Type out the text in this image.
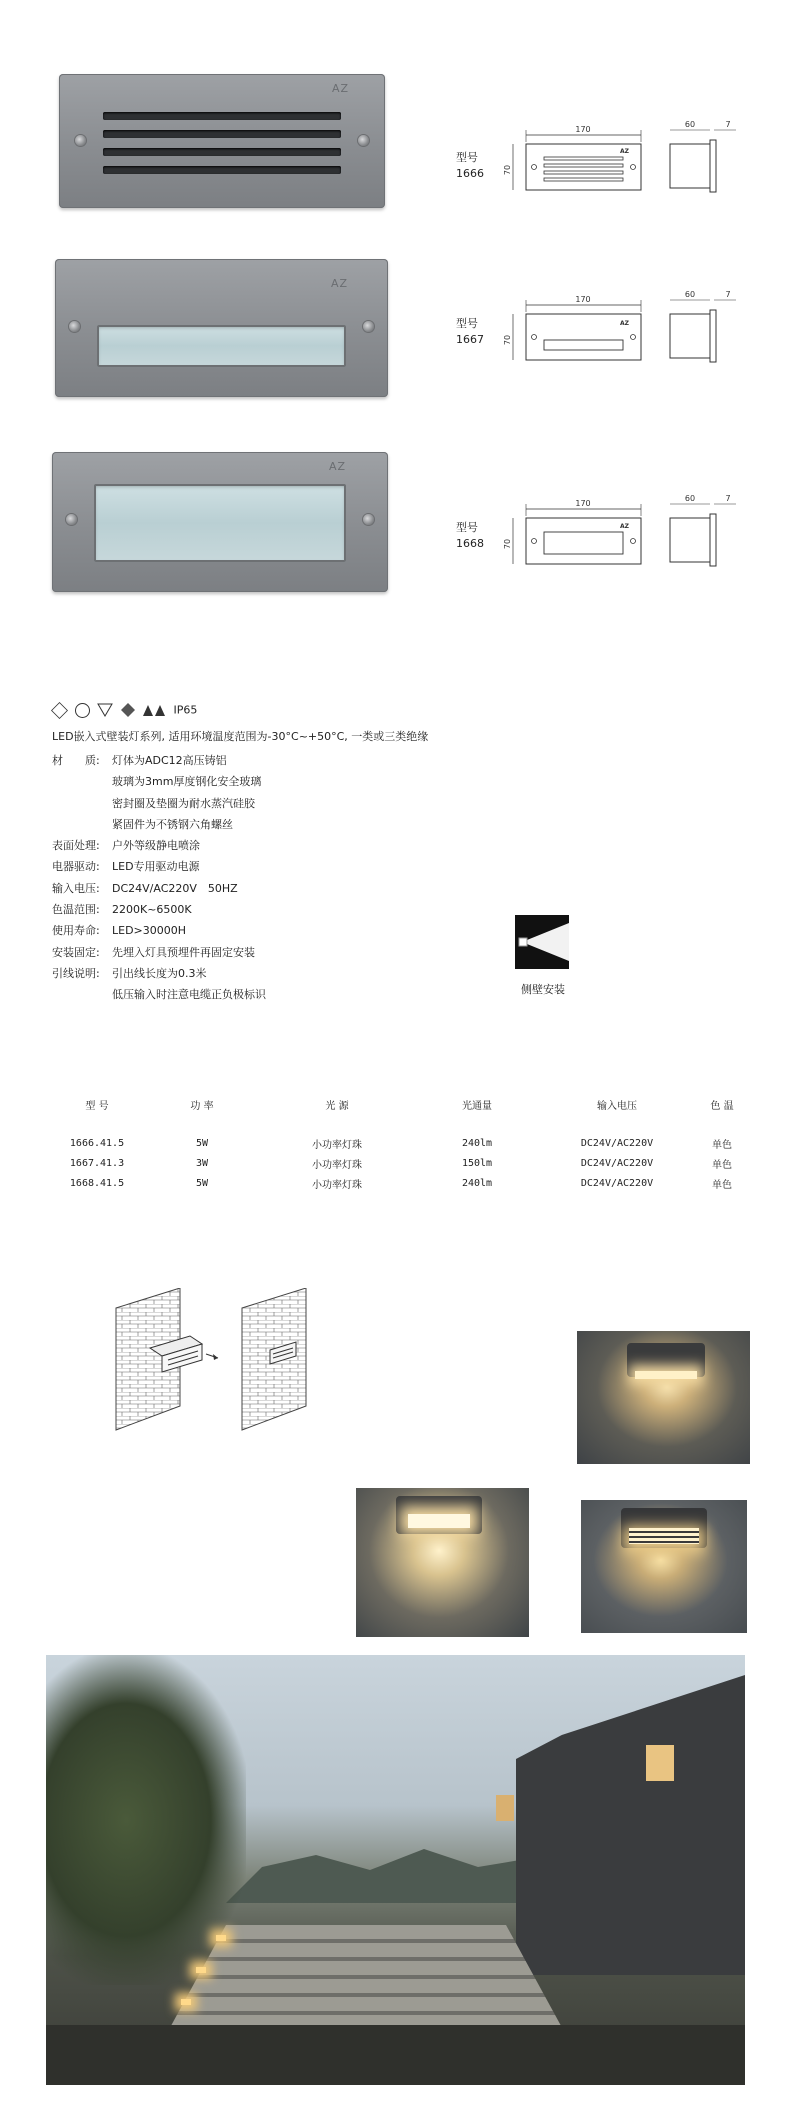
AZ
AZ
AZ
型号
1666
170
70
AZ
60	7
型号
1667
170
70
AZ
60	7
型号
1668
170
70
AZ
60	7
IP65
LED嵌入式壁装灯系列, 适用环境温度范围为-30°C~+50°C, 一类或三类绝缘
材　　质: 灯体为ADC12高压铸铝
玻璃为3mm厚度钢化安全玻璃
密封圈及垫圈为耐水蒸汽硅胶
紧固件为不锈钢六角螺丝
表面处理: 户外等级静电喷涂
电器驱动: LED专用驱动电源
输入电压: DC24V/AC220V　50HZ
色温范围: 2200K~6500K
使用寿命: LED>30000H
安装固定: 先埋入灯具预埋件再固定安装
引线说明: 引出线长度为0.3米
低压输入时注意电缆正负极标识	侧壁安装
型 号	功 率	光 源	光通量	输入电压	色 温
1666.41.5	5W	小功率灯珠	240lm	DC24V/AC220V	单色
1667.41.3	3W	小功率灯珠	150lm	DC24V/AC220V	单色
1668.41.5	5W	小功率灯珠	240lm	DC24V/AC220V	单色
